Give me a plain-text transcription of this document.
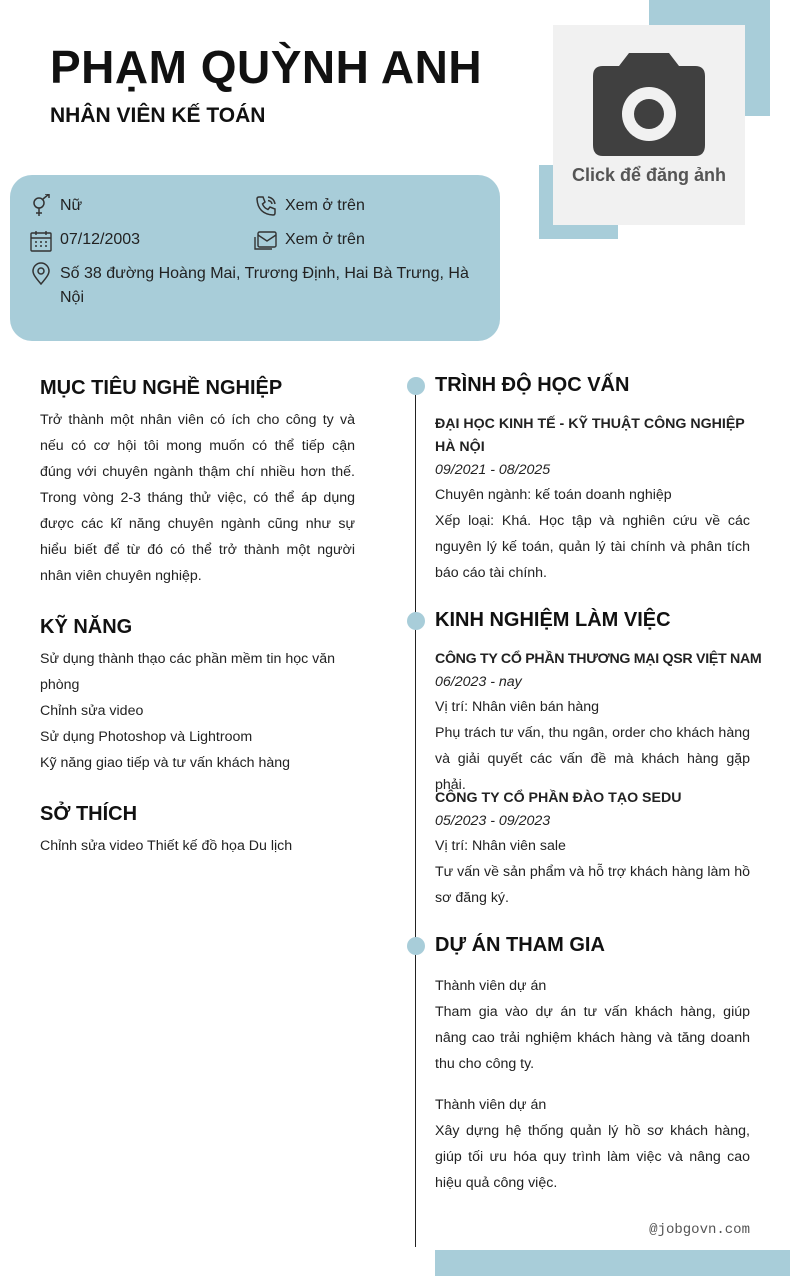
PHẠM QUỲNH ANH
NHÂN VIÊN KẾ TOÁN
Click để đăng ảnh
Nữ	Xem ở trên
07/12/2003	Xem ở trên
Số 38 đường Hoàng Mai, Trương Định, Hai Bà Trưng, Hà Nội
MỤC TIÊU NGHỀ NGHIỆP
Trở thành một nhân viên có ích cho công ty và nếu có cơ hội tôi mong muốn có thể tiếp cận đúng với chuyên ngành thậm chí nhiều hơn thế. Trong vòng 2-3 tháng thử việc, có thể áp dụng được các kĩ năng chuyên ngành cũng như sự hiểu biết để từ đó có thể trở thành một người nhân viên chuyên nghiệp.
KỸ NĂNG
Sử dụng thành thạo các phần mềm tin học văn phòng
Chỉnh sửa video
Sử dụng Photoshop và Lightroom
Kỹ năng giao tiếp và tư vấn khách hàng
SỞ THÍCH
Chỉnh sửa video Thiết kế đồ họa Du lịch
TRÌNH ĐỘ HỌC VẤN
ĐẠI HỌC KINH TẾ - KỸ THUẬT CÔNG NGHIỆP HÀ NỘI
09/2021 - 08/2025
Chuyên ngành: kế toán doanh nghiệp
Xếp loại: Khá. Học tập và nghiên cứu về các nguyên lý kế toán, quản lý tài chính và phân tích báo cáo tài chính.
KINH NGHIỆM LÀM VIỆC
CÔNG TY CỔ PHẦN THƯƠNG MẠI QSR VIỆT NAM
06/2023 - nay
Vị trí: Nhân viên bán hàng
Phụ trách tư vấn, thu ngân, order cho khách hàng và giải quyết các vấn đề mà khách hàng gặp phải.
CÔNG TY CỔ PHẦN ĐÀO TẠO SEDU
05/2023 - 09/2023
Vị trí: Nhân viên sale
Tư vấn về sản phẩm và hỗ trợ khách hàng làm hồ sơ đăng ký.
DỰ ÁN THAM GIA
Thành viên dự án
Tham gia vào dự án tư vấn khách hàng, giúp nâng cao trải nghiệm khách hàng và tăng doanh thu cho công ty.
Thành viên dự án
Xây dựng hệ thống quản lý hồ sơ khách hàng, giúp tối ưu hóa quy trình làm việc và nâng cao hiệu quả công việc.
@jobgovn.com
